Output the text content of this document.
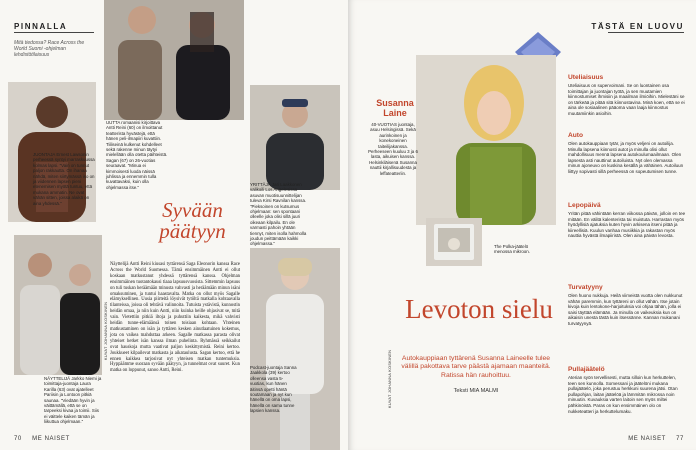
PINNALLA
Mitä tiedossa? Race Across the World Suomi -ohjelman lehdistötilaisuus
JUONTAJA Ernest Lawsonin perheessä syntyi marraskuussa kolmas lapsi. "Vain on tunnut paljon rakkautta. On ihanaa nähdä, miten siirtymässä iso on ja viidennen lapsen pieni etenemisen myötä tuntuu, että mukana ammatin. Ne ovat vähän sitten, joissa alaikä on aina yhdessä."
UUTTA romaanisi kirjoittava Antti Reini (60) on ilmoittanut teatterista hyvästejä, että hänen peli-ilmapiiri kuvattiin. Tiiliseinä kulkenut kohdelleet sekä rakenne minun täytyi mielellään olla otetta päihteistä. Sagan (67) on 26-vuotias seuraavat. "Minua ei kimmoisesti luoda näissä juhlissa ja ennemmin tulla kuvattavaksi, kuin olla ohjelmassa itse."
YRITTÄJÄ Jari Laakkonen valikoili Los Angelesissa asuvan muotisuunnittelijan tuleva Kirsi Ravnilan kanssa. "Pieksoinen on kutsumus ohjelmaan: sen spontaani olleelle joka olisi sillä juuri oikeaan kilpailu. En ole varmasti pahoin yhtään tiennyt, miten isolla hahmolla joudun peittämään kaikki ohjelmassa."
Syvään päätyyn
NÄYTTELIJÄ Jarkko Niemi ja toimittaja-juontaja Laura Karilla (63) ovat ajatelleet Pariisin ja Lontoon pitkiä saunaa. "Viedään hyvin ja väittämällä, että se on tarpeeksi kivaa ja toimii. Siis ei väittele kaiken tämän ja liikuttua ohjelmaan."
KUVAT JOHANNA KOSKINEN
Näyttelijä Antti Reini kiusasi tyttärensä Saga Eleonorin kanssa Race Across the World Suomessa. Tämä ensimmäinen Antti ei ollut koskaan matkustanut yhdessä tyttärensä kanssa. Ohjelman ensimmäinen tuotantokausi tiaaa lapsuusvuosista. Sittemmin lapsuus on tuli tuskan heräämään minusta vahvasti ja heräämään minun isäni omaksuminen, ja tuntui haastavalta. Matka on ollut myös Sagalle elämyksellinen. Uusia piirteitä löysivät tytöltä matkalla kohtaavalla tilanteissa, joissa oli tehtävä valinnoita. Tutuista ystävistä, kunnostin heidän omaa, ja niin kuin Antti, niin kuinka heille ohjasivat se, mitä vain. Vietettiin pitkiä iltoja ja puhuttiin kaikesta, mikä vahvisti heidän tunne-elämäänsä toinen toisiaan kohtaan. Yhteinen matkustaminen on isän ja tyttären kesken ainutlaatuinen kokemus, jota on vaikea mahduttaa arkeen. Sagalle matkassa parasta olivat yhteiset hetket isän kanssa ilman puhelinta. Ryhmässä seikkailut ovat hauskoja mutta vaativat paljon keskittymistä. Reini kertoo. Joukkueet kilpailevat matkasta ja aikataulusta. Sagan kertoo, että he ennen kaikkea tarjosivat nyt yhteisen matkan tuntemuksia. Hyppäämme suoraan syvään päätyyn, ja tunnelmat ovat suuret. Kun matka on loppunut, sanoo Antti, Reini.
Podcast-juontaja Sanna Jaakkola (39) kertoo olleensa vasta 5-vuotias, kun hänen äitinsä opetti häntä soutamaan ja nyt kun hänellä on oma lapsi, hänellä on sama tunne lapsien kanssa.
70 ME NAISET
TÄSTÄ EN LUOVU
Susanna Laine
40-VUOTIAS juontaja, asuu Helsingissä. Sekä aurinkoinen ja konekoneinen taiteilijakanssa. Perheeseen kuuluu 3 ja 6 lasta, aikuisen kanssa. Helsinkiläisenä Susanna nauttii kirjallisuudesta ja leffateatteriin.
The Polka-jäätelö menossa mikroon.
Levoton sielu
Autokauppiaan tyttärenä Susanna Laineelle tulee välillä pakottava tarve päästä ajamaan maanteitä. Ratissa hän rauhoittuu.
Teksti MIA MALMI
KUVAT JOHANNA KOSKINEN
Uteliaisuus
Uteliaisuus on supervoimani. Se on luontainen osa toimittajan ja juontajan työtä, ja sen muutamien kiinnostumiset ihmisiin ja maailman ilmiöihin. Mielestäni se on tärkeää ja pitää sitä kiinnostavina. Minä koen, että se ei aina ole sosiaalinen pääoma vaan laaja kiinnostus muutamiinkin asioihin.
Auto
Olen autokauppiaan tytär, ja myös veljeni on autoilija. Minulla lapsena kiinnosti autot ja minulla olisi ollut mahdollisuus mennä lapsena autokoulumaailmaan. Olen lapsesta asti nauttinut autoiluista. Nyt olen olemassa minun ajoneuvo on kuskina kesällä ja vähäinen. Autoiluun liittyy sopivasti sillä perheessä on sopeutumisen tunne.
Lepopäivä
Yritän pitää vähintään kerran viikossa päivän, jolloin en tee mitään. En välitä kalenterista tai muistuta. Harrastan myös hyödyllisiä ajatuksia kuten hyvin arkisena itseni pitää ja kiireellisiä. Kuulun vanhaa musiikkia ja rakastan myös nauttia hyvästä ilmapiiristä. Olen aina päivän levosta.
Turvatyyny
Olen huono nukkuja. Heilä viimeistä vuotta olen nukkunut vähän paremmin, kun tyttäreni on ollut vähän. Itse jotain kivoja kuin lentokone-harjoituksia voi ohjaa tähän, jolla ei saisi täyttää elämään. Ja minulla on vaikeuksia kun on aikaisin unesta tästä kuin itsessänne. Kannan mukanani turvatyynyä.
Pullajäätelö
Aterian syön tervellisesti, mutta silloin kun herkuttelen, teen sen kunnolla. Somessani ja jäätelöni mukana pullajäätelö, joka perustuu herkkuni suurena jätsi. Otan pullapohjan, laitan jäätelöä ja lämmitän mikrossa noin minuutin. Kuvauksia varten laitoin sen myös miltei pähkinöistä. Paras on kun ensimmäinen olo on nukketeatteri ja herkuttelumaku.
ME NAISET 77
